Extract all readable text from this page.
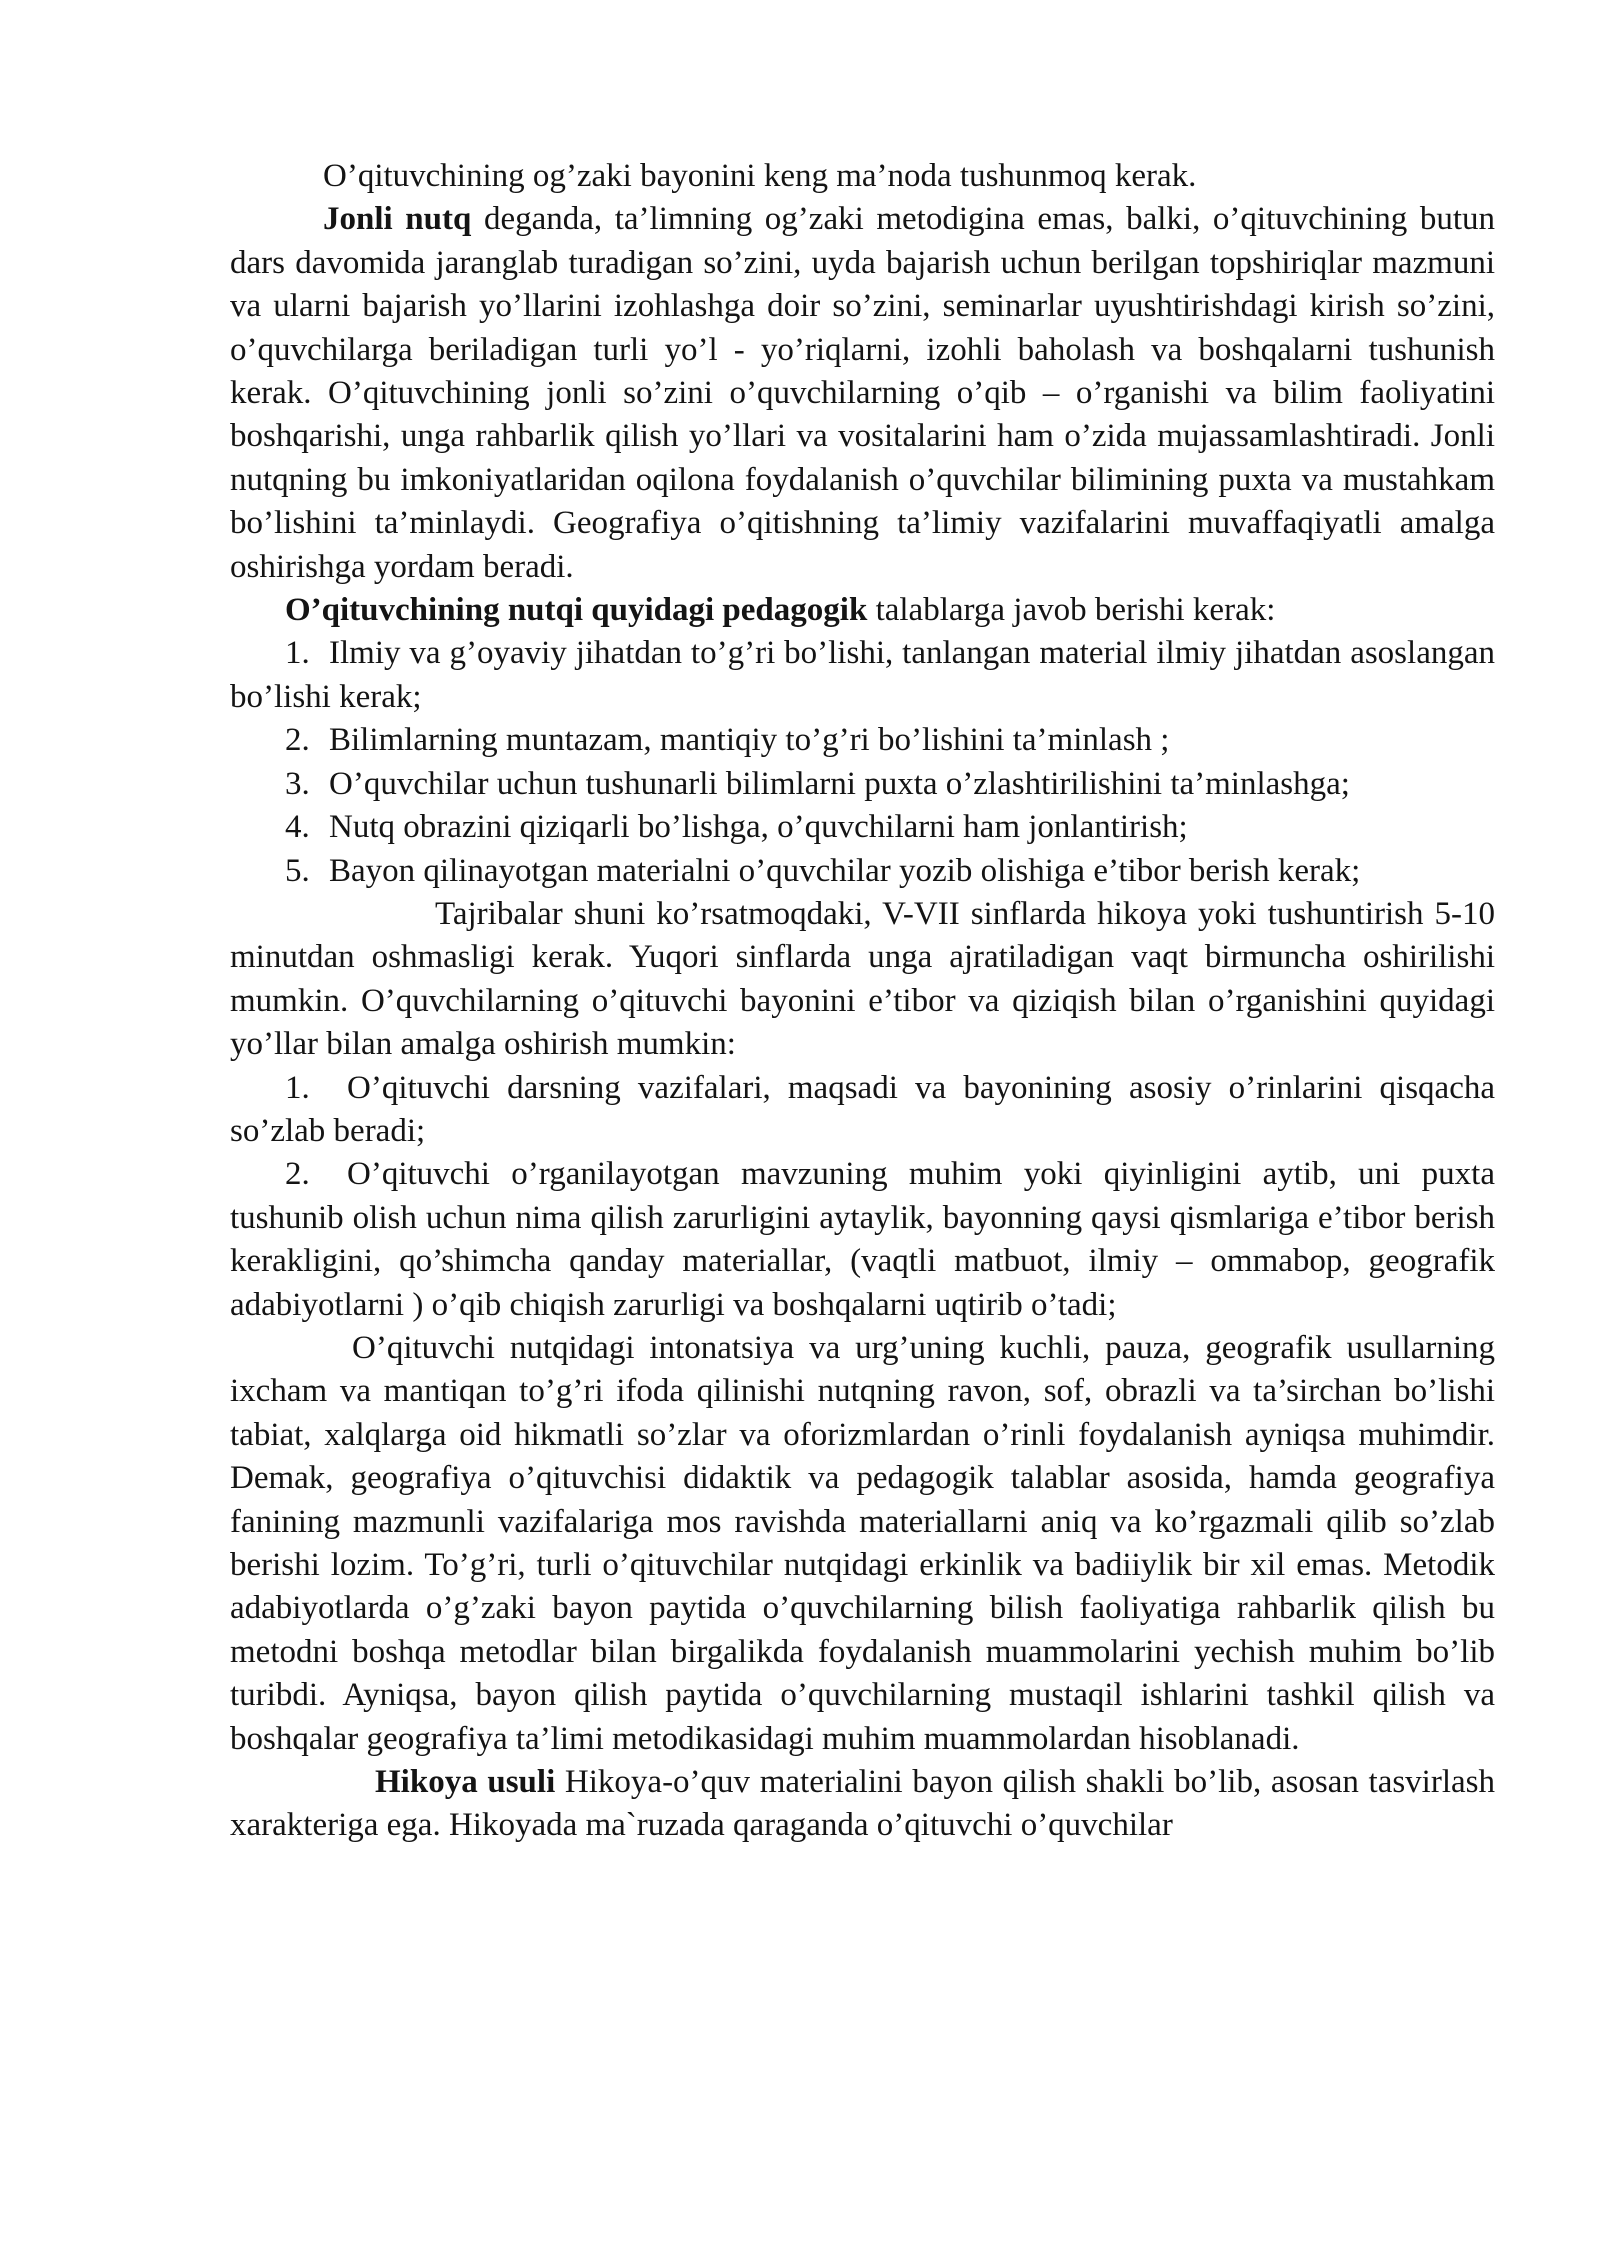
O’qituvchining og’zaki bayonini keng ma’noda tushunmoq kerak.

Jonli nutq deganda, ta’limning og’zaki metodigina emas, balki, o’qituvchining butun dars davomida jaranglab turadigan so’zini, uyda bajarish uchun berilgan topshiriqlar mazmuni va ularni bajarish yo’llarini izohlashga doir so’zini, seminarlar uyushtirishdagi kirish so’zini, o’quvchilarga beriladigan turli yo’l - yo’riqlarni, izohli baholash va boshqalarni tushunish kerak. O’qituvchining jonli so’zini o’quvchilarning o’qib – o’rganishi va bilim faoliyatini boshqarishi, unga rahbarlik qilish yo’llari va vositalarini ham o’zida mujassamlashtiradi. Jonli nutqning bu imkoniyatlaridan oqilona foydalanish o’quvchilar bilimining puxta va mustahkam bo’lishini ta’minlaydi. Geografiya o’qitishning ta’limiy vazifalarini muvaffaqiyatli amalga oshirishga yordam beradi.

O’qituvchining nutqi quyidagi pedagogik talablarga javob berishi kerak:

1. Ilmiy va g’oyaviy jihatdan to’g’ri bo’lishi, tanlangan material ilmiy jihatdan asoslangan bo’lishi kerak;

2. Bilimlarning muntazam, mantiqiy to’g’ri bo’lishini ta’minlash ;

3. O’quvchilar uchun tushunarli bilimlarni puxta o’zlashtirilishini ta’minlashga;

4. Nutq obrazini qiziqarli bo’lishga, o’quvchilarni ham jonlantirish;

5. Bayon qilinayotgan materialni o’quvchilar yozib olishiga e’tibor berish kerak;

Tajribalar shuni ko’rsatmoqdaki, V-VII sinflarda hikoya yoki tushuntirish 5-10 minutdan oshmasligi kerak. Yuqori sinflarda unga ajratiladigan vaqt birmuncha oshirilishi mumkin. O’quvchilarning o’qituvchi bayonini e’tibor va qiziqish bilan o’rganishini quyidagi yo’llar bilan amalga oshirish mumkin:

1. O’qituvchi darsning vazifalari, maqsadi va bayonining asosiy o’rinlarini qisqacha so’zlab beradi;

2. O’qituvchi o’rganilayotgan mavzuning muhim yoki qiyinligini aytib, uni puxta tushunib olish uchun nima qilish zarurligini aytaylik, bayonning qaysi qismlariga e’tibor berish kerakligini, qo’shimcha qanday materiallar, (vaqtli matbuot, ilmiy – ommabop, geografik adabiyotlarni ) o’qib chiqish zarurligi va boshqalarni uqtirib o’tadi;

O’qituvchi nutqidagi intonatsiya va urg’uning kuchli, pauza, geografik usullarning ixcham va mantiqan to’g’ri ifoda qilinishi nutqning ravon, sof, obrazli va ta’sirchan bo’lishi tabiat, xalqlarga oid hikmatli so’zlar va oforizmlardan o’rinli foydalanish ayniqsa muhimdir. Demak, geografiya o’qituvchisi didaktik va pedagogik talablar asosida, hamda geografiya fanining mazmunli vazifalariga mos ravishda materiallarni aniq va ko’rgazmali qilib so’zlab berishi lozim. To’g’ri, turli o’qituvchilar nutqidagi erkinlik va badiiylik bir xil emas. Metodik adabiyotlarda o’g’zaki bayon paytida o’quvchilarning bilish faoliyatiga rahbarlik qilish bu metodni boshqa metodlar bilan birgalikda foydalanish muammolarini yechish muhim bo’lib turibdi. Ayniqsa, bayon qilish paytida o’quvchilarning mustaqil ishlarini tashkil qilish va boshqalar geografiya ta’limi metodikasidagi muhim muammolardan hisoblanadi.

Hikoya usuli Hikoya-o’quv materialini bayon qilish shakli bo’lib, asosan tasvirlash xarakteriga ega. Hikoyada ma`ruzada qaraganda o’qituvchi o’quvchilar
